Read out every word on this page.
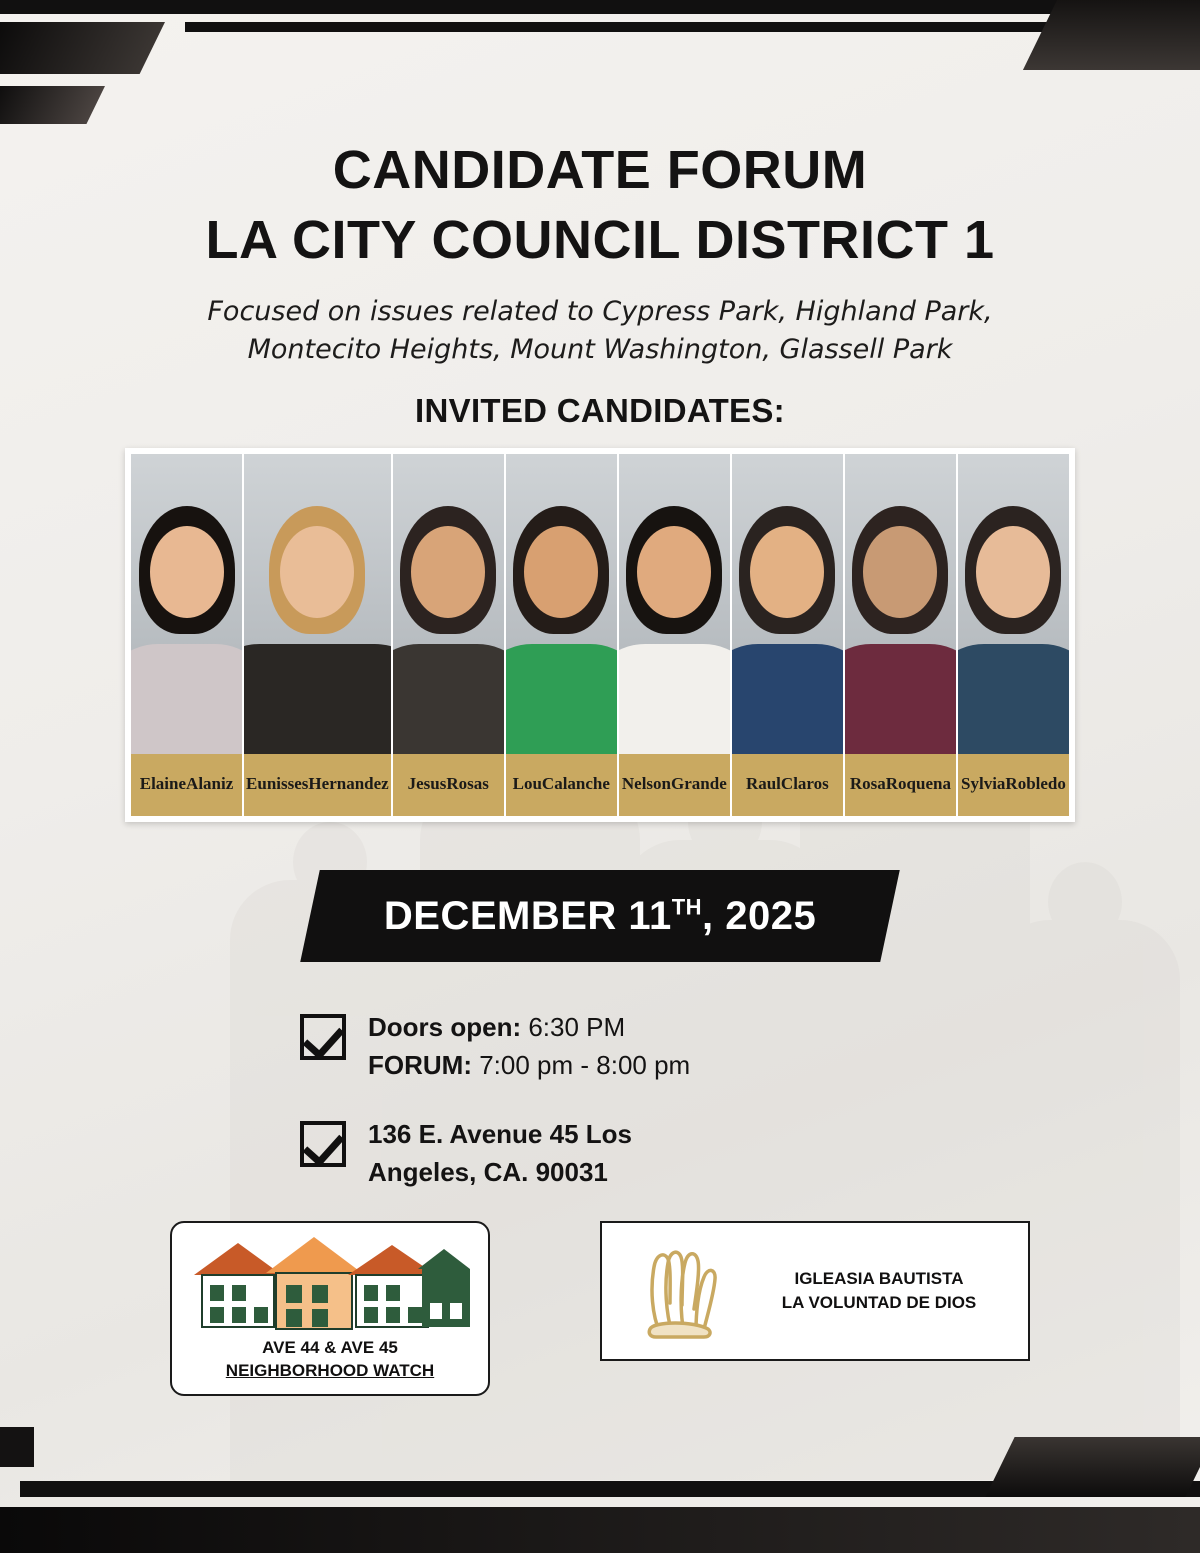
CANDIDATE FORUM
LA CITY COUNCIL DISTRICT 1
Focused on issues related to Cypress Park, Highland Park,
Montecito Heights, Mount Washington, Glassell Park
INVITED CANDIDATES:
Elaine Alaniz Eunisses Hernandez Jesus Rosas Lou Calanche Nelson Grande Raul Claros Rosa Roquena Sylvia Robledo
DECEMBER 11TH, 2025
Doors open: 6:30 PM
FORUM: 7:00 pm - 8:00 pm
136 E. Avenue 45 Los
Angeles, CA. 90031
AVE 44 & AVE 45
NEIGHBORHOOD WATCH
IGLEASIA BAUTISTA
LA VOLUNTAD DE DIOS
